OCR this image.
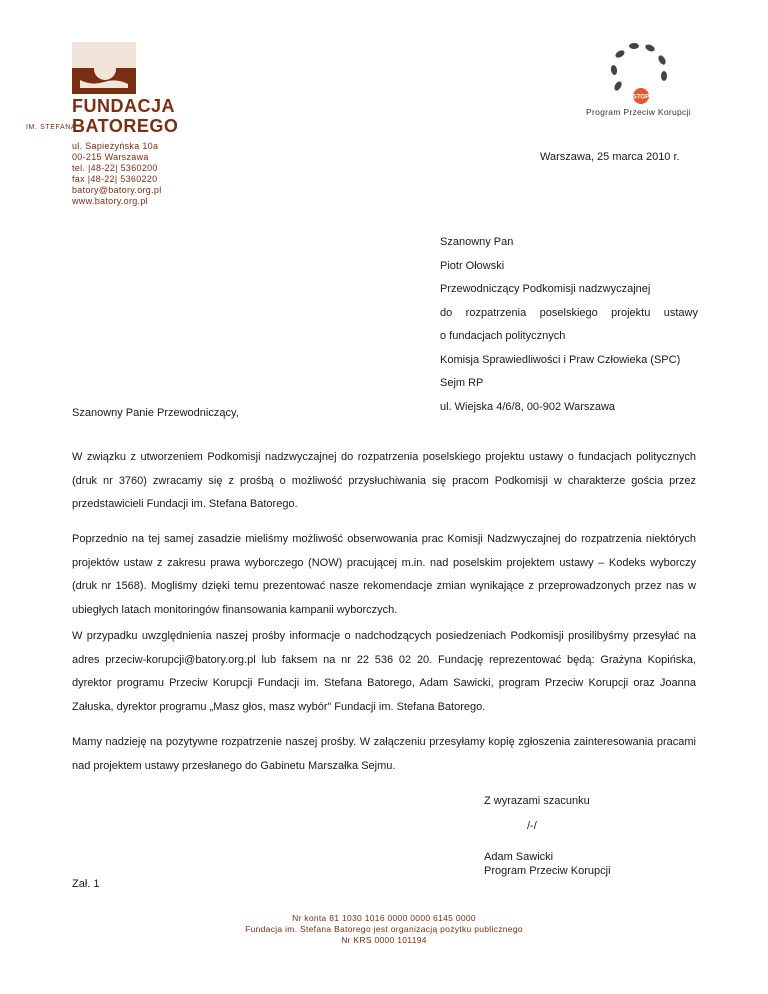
IM. STEFANA
FUNDACJA
BATOREGO
ul. Sapieżyńska 10a
00-215 Warszawa
tel. |48-22| 5360200
fax |48-22| 5360220
batory@batory.org.pl
www.batory.org.pl
STOP
Program Przeciw Korupcji
Warszawa, 25 marca 2010 r.
Szanowny Pan
Piotr Ołowski
Przewodniczący Podkomisji nadzwyczajnej
do rozpatrzenia poselskiego projektu ustawy
o fundacjach politycznych
Komisja Sprawiedliwości i Praw Człowieka (SPC)
Sejm RP
ul. Wiejska 4/6/8, 00-902 Warszawa
Szanowny Panie Przewodniczący,
W związku z utworzeniem Podkomisji nadzwyczajnej do rozpatrzenia poselskiego projektu ustawy o fundacjach politycznych (druk nr 3760) zwracamy się z prośbą o możliwość przysłuchiwania się pracom Podkomisji w charakterze gościa przez przedstawicieli Fundacji im. Stefana Batorego.
Poprzednio na tej samej zasadzie mieliśmy możliwość obserwowania prac Komisji Nadzwyczajnej do rozpatrzenia niektórych projektów ustaw z zakresu prawa wyborczego (NOW) pracującej m.in. nad poselskim projektem ustawy – Kodeks wyborczy (druk nr 1568). Mogliśmy dzięki temu prezentować nasze rekomendacje zmian wynikające z przeprowadzonych przez nas w ubiegłych latach monitoringów finansowania kampanii wyborczych.
W przypadku uwzględnienia naszej prośby informacje o nadchodzących posiedzeniach Podkomisji prosilibyśmy przesyłać na adres przeciw-korupcji@batory.org.pl lub faksem na nr 22 536 02 20. Fundację reprezentować będą: Grażyna Kopińska, dyrektor programu Przeciw Korupcji Fundacji im. Stefana Batorego, Adam Sawicki, program Przeciw Korupcji oraz Joanna Załuska, dyrektor programu „Masz głos, masz wybór” Fundacji im. Stefana Batorego.
Mamy nadzieję na pozytywne rozpatrzenie naszej prośby. W załączeniu przesyłamy kopię zgłoszenia zainteresowania pracami nad projektem ustawy przesłanego do Gabinetu Marszałka Sejmu.
Z wyrazami szacunku
/-/
Adam Sawicki
Program Przeciw Korupcji
Zał. 1
Nr konta 81 1030 1016 0000 0000 6145 0000
Fundacja im. Stefana Batorego jest organizacją pożytku publicznego
Nr KRS 0000 101194
